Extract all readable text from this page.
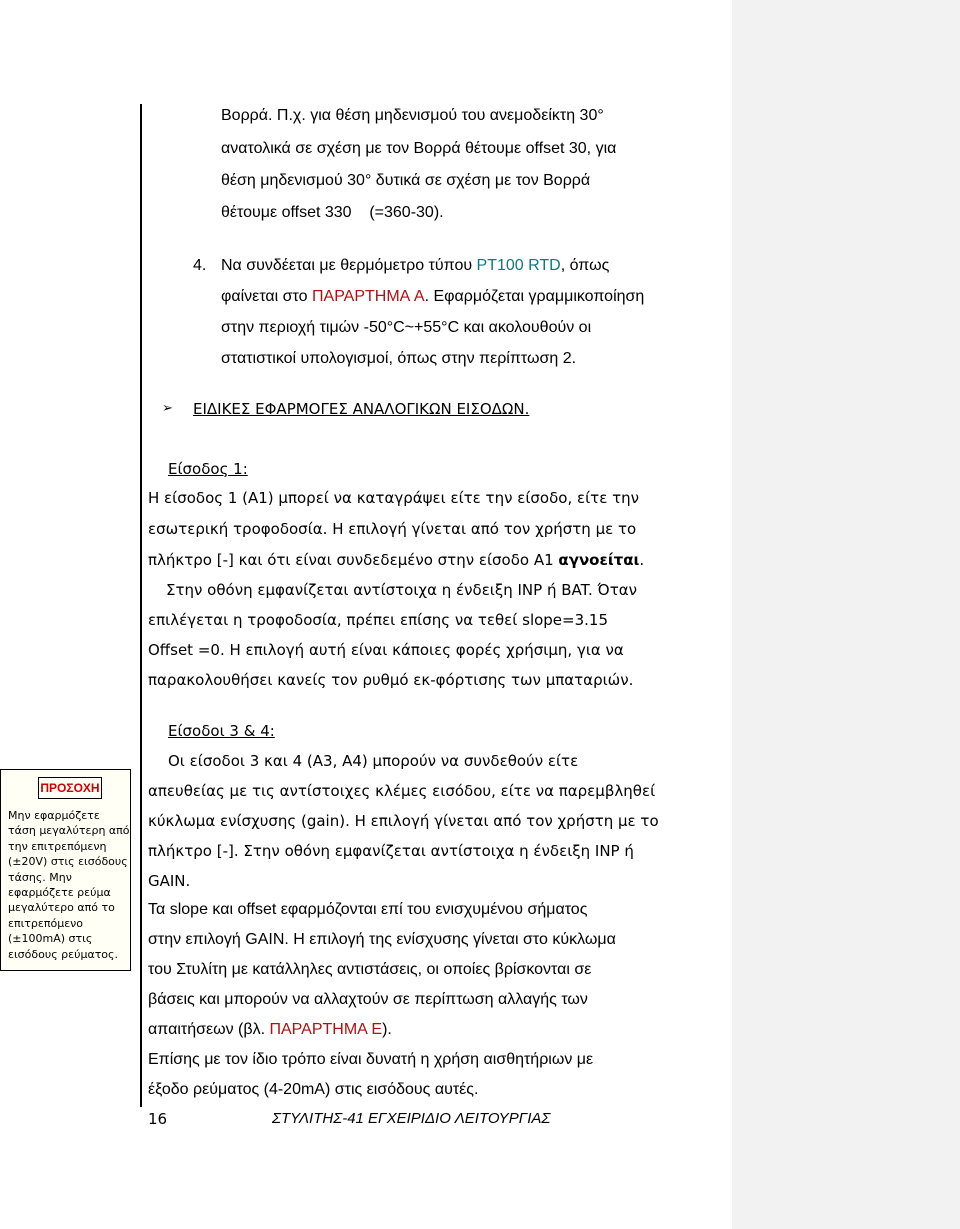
Βορρά. Π.χ. για θέση μηδενισμού του ανεμοδείκτη 30°
ανατολικά σε σχέση με τον Βορρά θέτουμε offset 30, για
θέση μηδενισμού 30° δυτικά σε σχέση με τον Βορρά
θέτουμε offset 330    (=360-30).
4. Να συνδέεται με θερμόμετρο τύπου PT100 RTD, όπως
φαίνεται στο ΠΑΡΑΡΤΗΜΑ A. Εφαρμόζεται γραμμικοποίηση
στην περιοχή τιμών -50°C~+55°C και ακολουθούν οι
στατιστικοί υπολογισμοί, όπως στην περίπτωση 2.
➢ ΕΙΔΙΚΕΣ ΕΦΑΡΜΟΓΕΣ ΑΝΑΛΟΓΙΚΩΝ ΕΙΣΟΔΩΝ.
Είσοδος 1:
Η είσοδος 1 (A1) μπορεί να καταγράψει είτε την είσοδο, είτε την
εσωτερική τροφοδοσία. Η επιλογή γίνεται από τον χρήστη με το
πλήκτρο [-] και ότι είναι συνδεδεμένο στην είσοδο A1 αγνοείται.
Στην οθόνη εμφανίζεται αντίστοιχα η ένδειξη INP ή BAT. Όταν
επιλέγεται η τροφοδοσία, πρέπει επίσης να τεθεί slope=3.15
Offset =0. Η επιλογή αυτή είναι κάποιες φορές χρήσιμη, για να
παρακολουθήσει κανείς τον ρυθμό εκ-φόρτισης των μπαταριών.
Είσοδοι 3 & 4:
Οι είσοδοι 3 και 4 (A3, A4) μπορούν να συνδεθούν είτε
απευθείας με τις αντίστοιχες κλέμες εισόδου, είτε να παρεμβληθεί
κύκλωμα ενίσχυσης (gain). Η επιλογή γίνεται από τον χρήστη με το
πλήκτρο [-]. Στην οθόνη εμφανίζεται αντίστοιχα η ένδειξη INP ή
GAIN.
Τα slope και offset εφαρμόζονται επί του ενισχυμένου σήματος
στην επιλογή GAIN. Η επιλογή της ενίσχυσης γίνεται στο κύκλωμα
του Στυλίτη με κατάλληλες αντιστάσεις, οι οποίες βρίσκονται σε
βάσεις και μπορούν να αλλαχτούν σε περίπτωση αλλαγής των
απαιτήσεων (βλ. ΠΑΡΑΡΤΗΜΑ Ε).
Επίσης με τον ίδιο τρόπο είναι δυνατή η χρήση αισθητήριων με
έξοδο ρεύματος (4-20mA) στις εισόδους αυτές.
ΠΡΟΣΟΧΗ
Μην εφαρμόζετε τάση μεγαλύτερη από την επιτρεπόμενη (±20V) στις εισόδους τάσης. Μην εφαρμόζετε ρεύμα μεγαλύτερο από το επιτρεπόμενο (±100mA) στις εισόδους ρεύματος.
16	ΣΤΥΛΙΤΗΣ-41 ΕΓΧΕΙΡΙΔΙΟ ΛΕΙΤΟΥΡΓΙΑΣ
